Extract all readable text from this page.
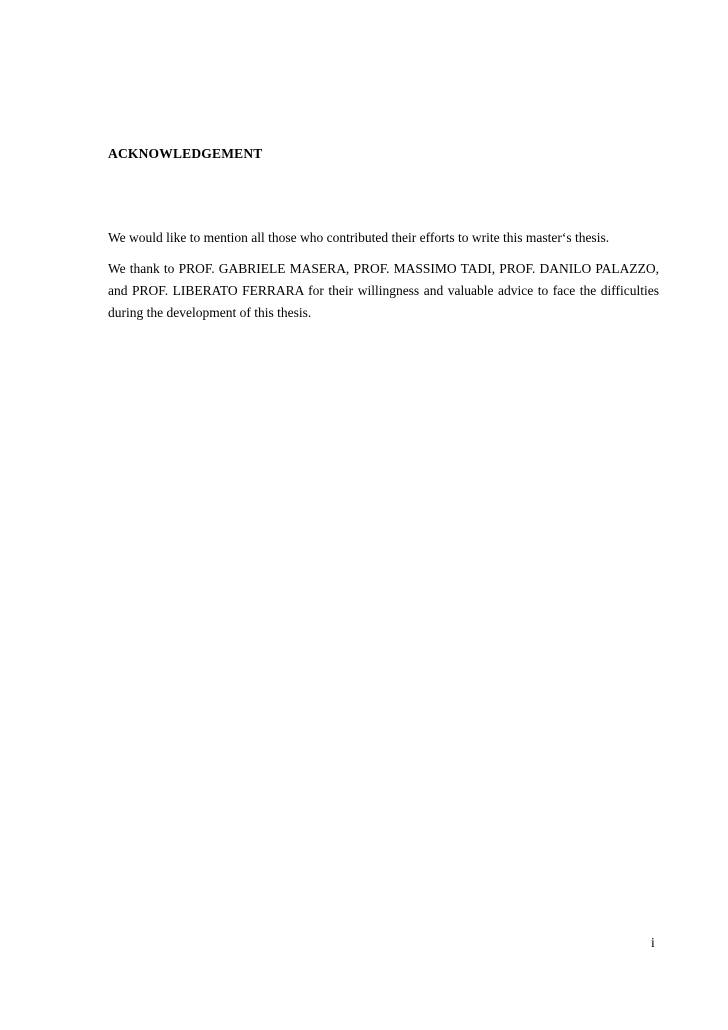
ACKNOWLEDGEMENT

We would like to mention all those who contributed their efforts to write this master‘s thesis.

We thank to PROF. GABRIELE MASERA, PROF. MASSIMO TADI, PROF. DANILO PALAZZO, and PROF. LIBERATO FERRARA for their willingness and valuable advice to face the difficulties during the development of this thesis.

i
